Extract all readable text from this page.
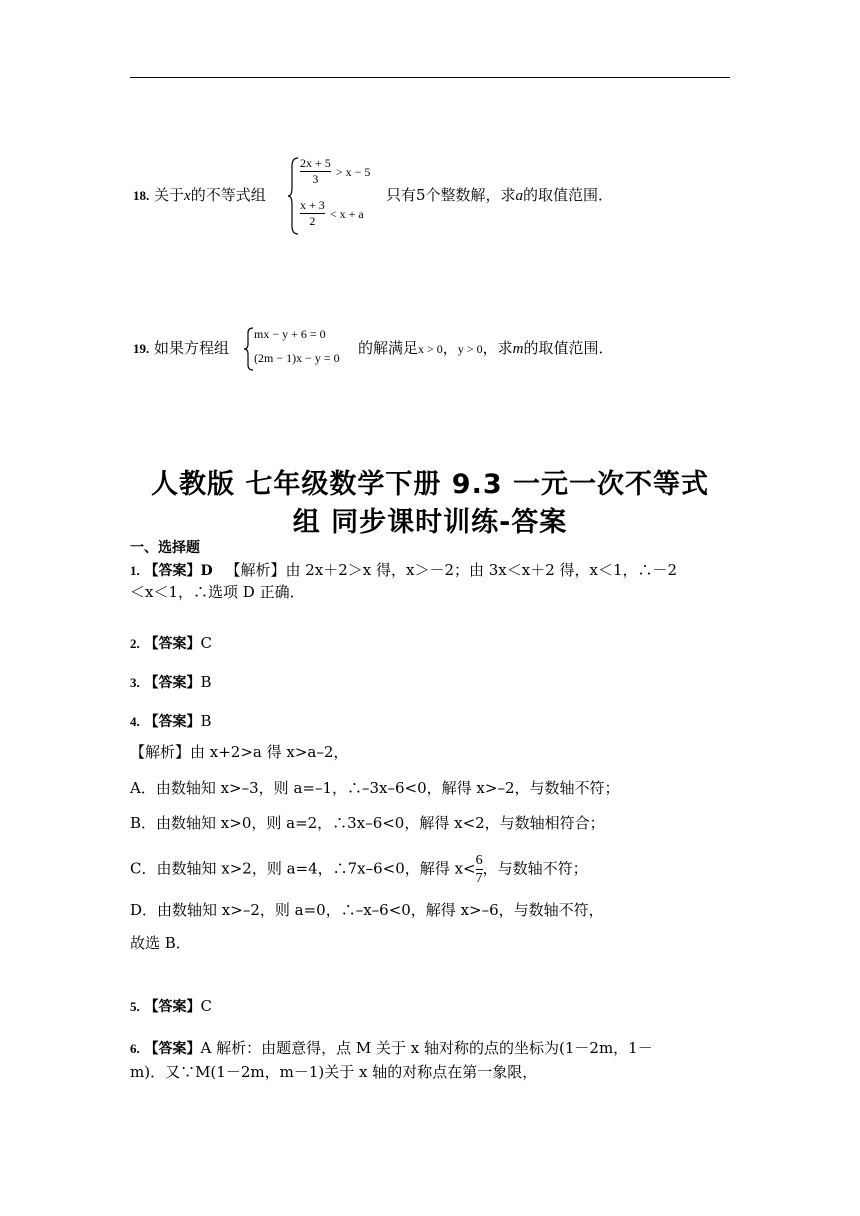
18. 关于x的不等式组
$\frac{2x + 5}{3} > x - 5$
$\frac{x + 3}{2} < x + a$
只有5个整数解，求a的取值范围．
19. 如果方程组
mx − y + 6 = 0
(2m − 1)x − y = 0
的解满足x > 0，y > 0，求m的取值范围．
人教版 七年级数学下册 9.3 一元一次不等式
组 同步课时训练-答案
一、选择题
1. 【答案】D 【解析】由 2x＋2＞x 得，x＞－2；由 3x＜x＋2 得，x＜1，∴－2
＜x＜1，∴选项 D 正确．
2. 【答案】C
3. 【答案】B
4. 【答案】B
【解析】由 x+2>a 得 x>a–2，
A．由数轴知 x>–3，则 a=–1，∴–3x–6<0，解得 x>–2，与数轴不符；
B．由数轴知 x>0，则 a=2，∴3x–6<0，解得 x<2，与数轴相符合；
C．由数轴知 x>2，则 a=4，∴7x–6<0，解得 $x< \frac{6}{7}$ ，与数轴不符；
D．由数轴知 x>–2，则 a=0，∴–x–6<0，解得 x>–6，与数轴不符，
故选 B．
5. 【答案】C
6. 【答案】A 解析：由题意得，点 M 关于 x 轴对称的点的坐标为(1－2m，1－
m)．又∵M(1－2m，m－1)关于 x 轴的对称点在第一象限，
